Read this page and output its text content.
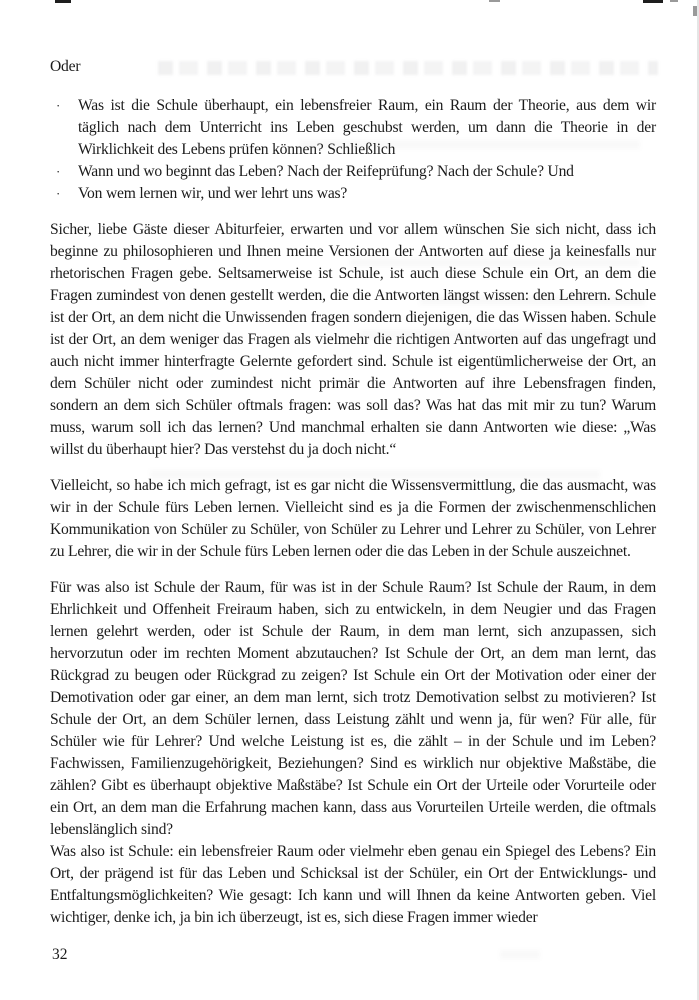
Oder

· Was ist die Schule überhaupt, ein lebensfreier Raum, ein Raum der Theorie, aus dem wir täglich nach dem Unterricht ins Leben geschubst werden, um dann die Theorie in der Wirklichkeit des Lebens prüfen können? Schließlich
· Wann und wo beginnt das Leben? Nach der Reifeprüfung? Nach der Schule? Und
· Von wem lernen wir, und wer lehrt uns was?

Sicher, liebe Gäste dieser Abiturfeier, erwarten und vor allem wünschen Sie sich nicht, dass ich beginne zu philosophieren und Ihnen meine Versionen der Antworten auf diese ja keinesfalls nur rhetorischen Fragen gebe. Seltsamerweise ist Schule, ist auch diese Schule ein Ort, an dem die Fragen zumindest von denen gestellt werden, die die Antworten längst wissen: den Lehrern. Schule ist der Ort, an dem nicht die Unwissenden fragen sondern diejenigen, die das Wissen haben. Schule ist der Ort, an dem weniger das Fragen als vielmehr die richtigen Antworten auf das ungefragt und auch nicht immer hinterfragte Gelernte gefordert sind. Schule ist eigentümlicherweise der Ort, an dem Schüler nicht oder zumindest nicht primär die Antworten auf ihre Lebensfragen finden, sondern an dem sich Schüler oftmals fragen: was soll das? Was hat das mit mir zu tun? Warum muss, warum soll ich das lernen? Und manchmal erhalten sie dann Antworten wie diese: „Was willst du überhaupt hier? Das verstehst du ja doch nicht.“

Vielleicht, so habe ich mich gefragt, ist es gar nicht die Wissensvermittlung, die das ausmacht, was wir in der Schule fürs Leben lernen. Vielleicht sind es ja die Formen der zwischenmenschlichen Kommunikation von Schüler zu Schüler, von Schüler zu Lehrer und Lehrer zu Schüler, von Lehrer zu Lehrer, die wir in der Schule fürs Leben lernen oder die das Leben in der Schule auszeichnet.

Für was also ist Schule der Raum, für was ist in der Schule Raum? Ist Schule der Raum, in dem Ehrlichkeit und Offenheit Freiraum haben, sich zu entwickeln, in dem Neugier und das Fragen lernen gelehrt werden, oder ist Schule der Raum, in dem man lernt, sich anzupassen, sich hervorzutun oder im rechten Moment abzutauchen? Ist Schule der Ort, an dem man lernt, das Rückgrad zu beugen oder Rückgrad zu zeigen? Ist Schule ein Ort der Motivation oder einer der Demotivation oder gar einer, an dem man lernt, sich trotz Demotivation selbst zu motivieren? Ist Schule der Ort, an dem Schüler lernen, dass Leistung zählt und wenn ja, für wen? Für alle, für Schüler wie für Lehrer? Und welche Leistung ist es, die zählt – in der Schule und im Leben? Fachwissen, Familienzugehörigkeit, Beziehungen? Sind es wirklich nur objektive Maßstäbe, die zählen? Gibt es überhaupt objektive Maßstäbe? Ist Schule ein Ort der Urteile oder Vorurteile oder ein Ort, an dem man die Erfahrung machen kann, dass aus Vorurteilen Urteile werden, die oftmals lebenslänglich sind?

Was also ist Schule: ein lebensfreier Raum oder vielmehr eben genau ein Spiegel des Lebens? Ein Ort, der prägend ist für das Leben und Schicksal ist der Schüler, ein Ort der Entwicklungs- und Entfaltungsmöglichkeiten? Wie gesagt: Ich kann und will Ihnen da keine Antworten geben. Viel wichtiger, denke ich, ja bin ich überzeugt, ist es, sich diese Fragen immer wieder

32
